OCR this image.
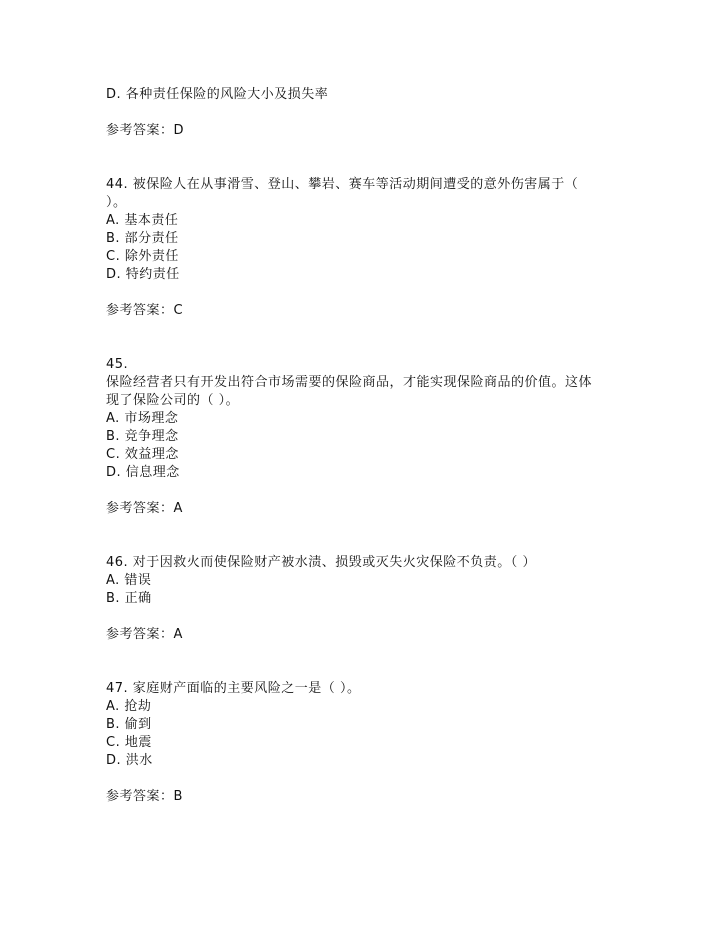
D. 各种责任保险的风险大小及损失率
参考答案：D
44. 被保险人在从事滑雪、登山、攀岩、赛车等活动期间遭受的意外伤害属于（
）。
A. 基本责任
B. 部分责任
C. 除外责任
D. 特约责任
参考答案：C
45.
保险经营者只有开发出符合市场需要的保险商品，才能实现保险商品的价值。这体
现了保险公司的（ ）。
A. 市场理念
B. 竞争理念
C. 效益理念
D. 信息理念
参考答案：A
46. 对于因救火而使保险财产被水渍、损毁或灭失火灾保险不负责。（ ）
A. 错误
B. 正确
参考答案：A
47. 家庭财产面临的主要风险之一是（ ）。
A. 抢劫
B. 偷到
C. 地震
D. 洪水
参考答案：B
